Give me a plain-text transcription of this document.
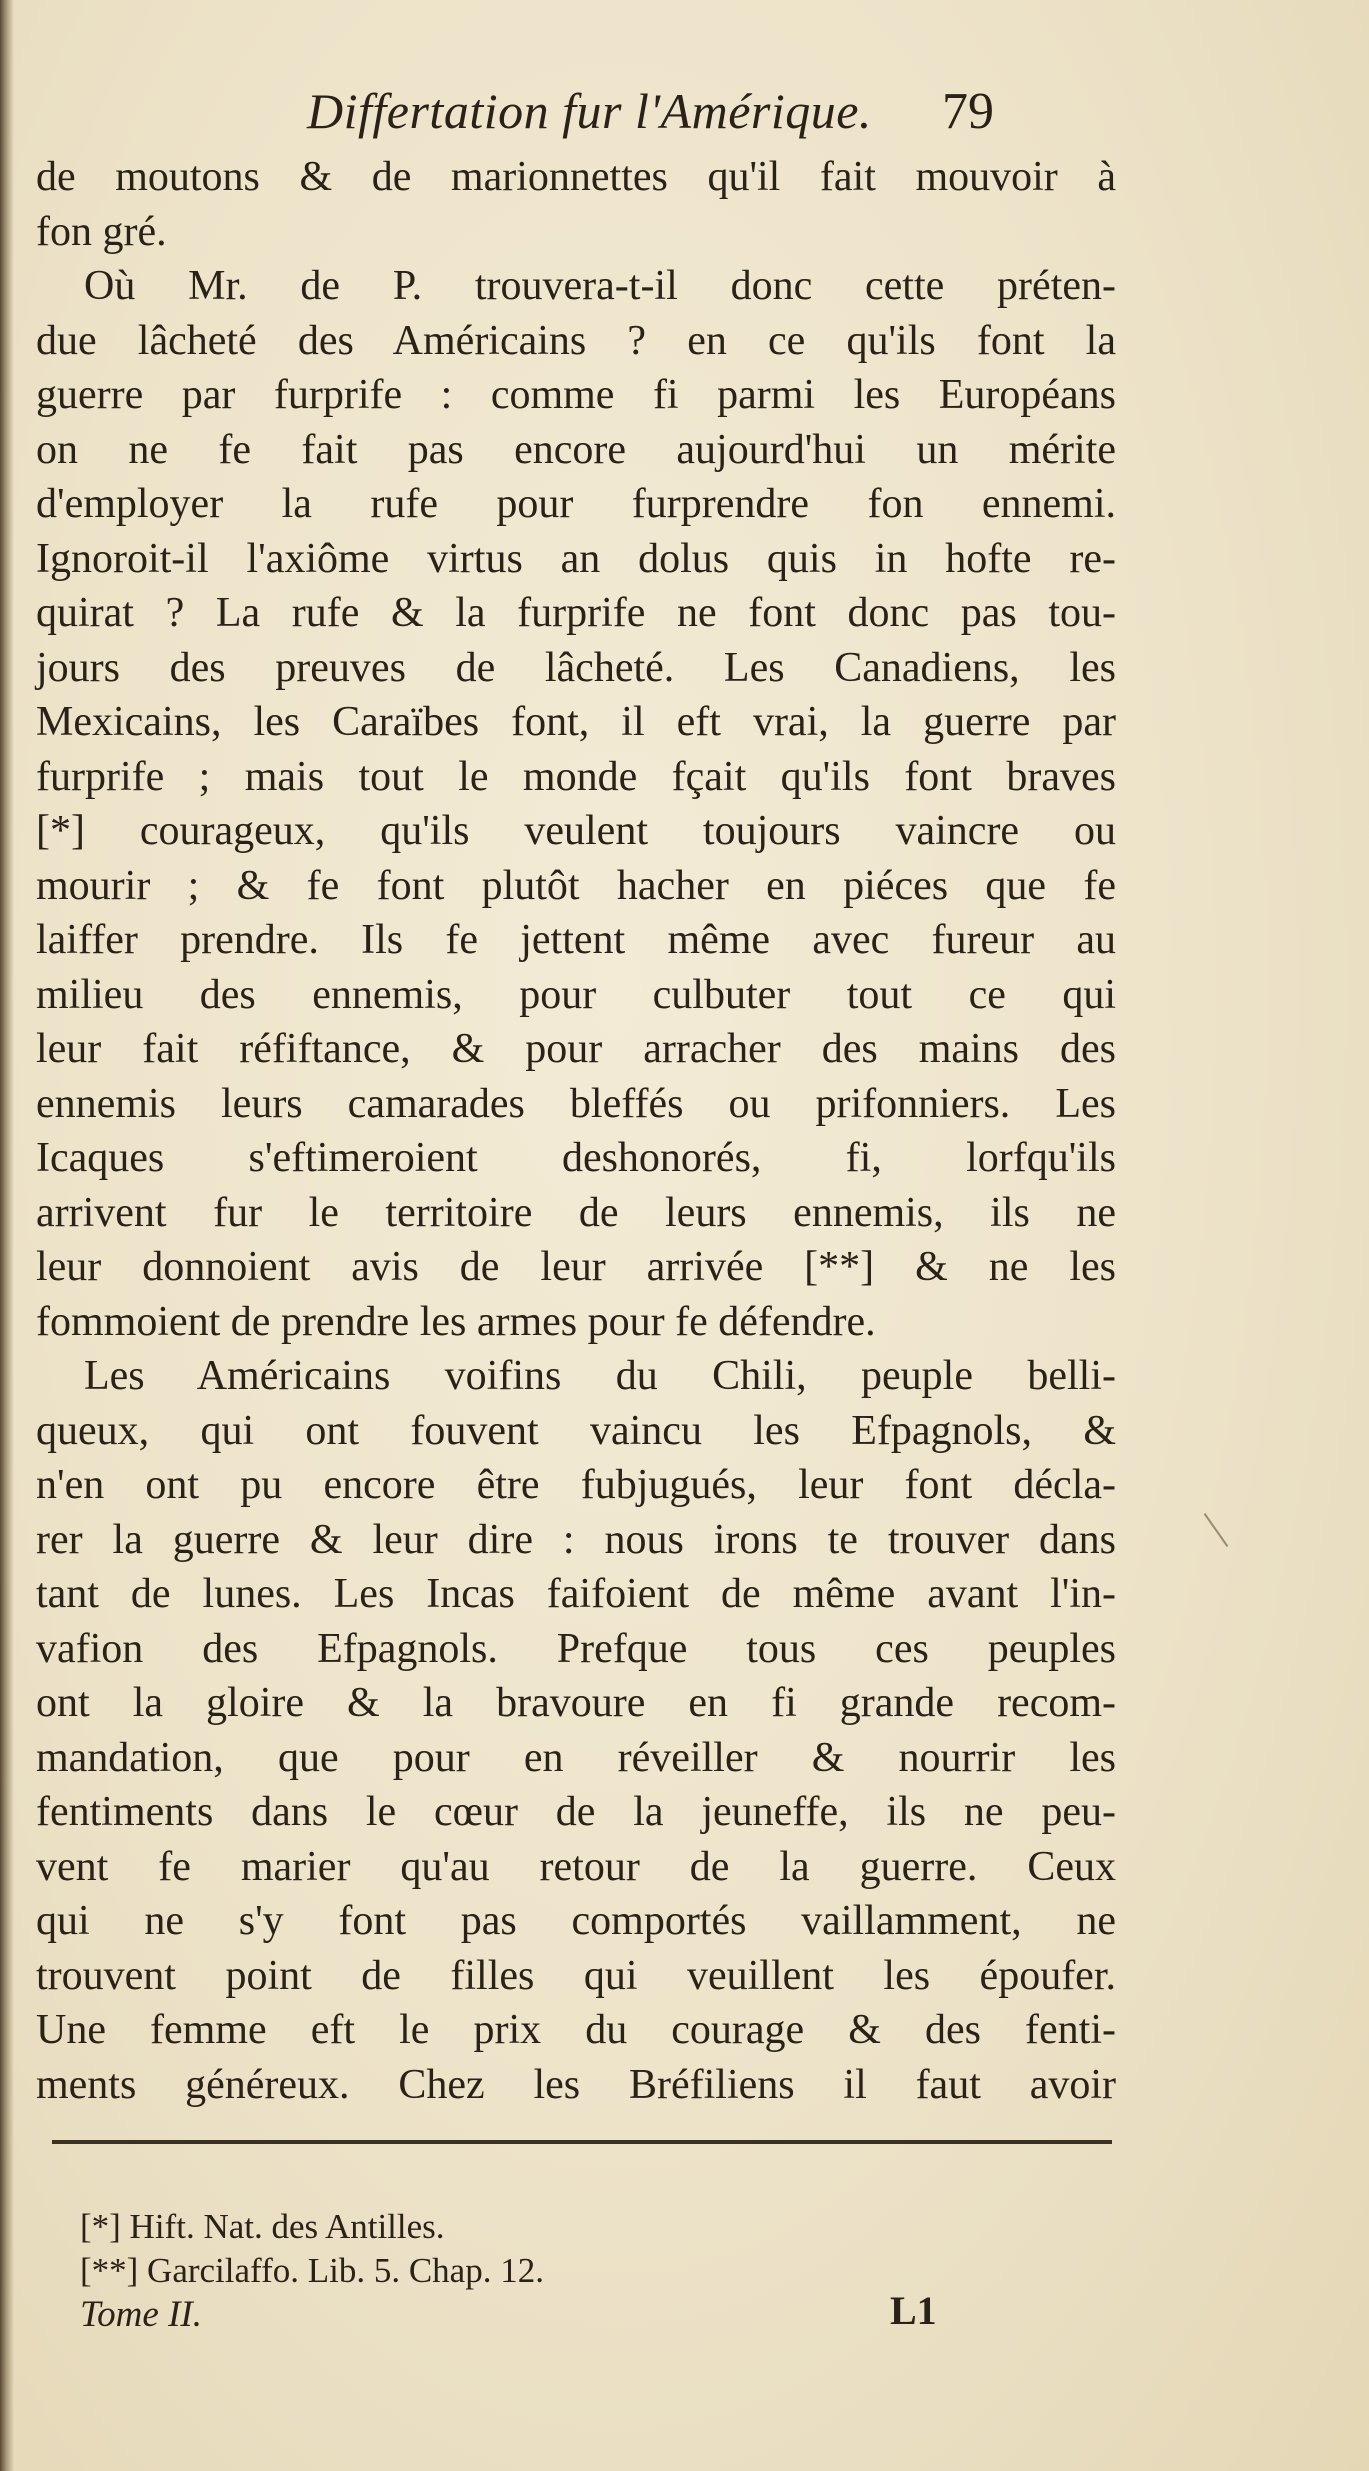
Differtation fur l'Amérique. 79
de moutons & de marionnettes qu'il fait mouvoir à
fon gré.
Où Mr. de P. trouvera-t-il donc cette préten-
due lâcheté des Américains ? en ce qu'ils font la
guerre par furprife : comme fi parmi les Européans
on ne fe fait pas encore aujourd'hui un mérite
d'employer la rufe pour furprendre fon ennemi.
Ignoroit-il l'axiôme virtus an dolus quis in hofte re-
quirat ? La rufe & la furprife ne font donc pas tou-
jours des preuves de lâcheté. Les Canadiens, les
Mexicains, les Caraïbes font, il eft vrai, la guerre par
furprife ; mais tout le monde fçait qu'ils font braves
[*] courageux, qu'ils veulent toujours vaincre ou
mourir ; & fe font plutôt hacher en piéces que fe
laiffer prendre. Ils fe jettent même avec fureur au
milieu des ennemis, pour culbuter tout ce qui
leur fait réfiftance, & pour arracher des mains des
ennemis leurs camarades bleffés ou prifonniers. Les
Icaques s'eftimeroient deshonorés, fi, lorfqu'ils
arrivent fur le territoire de leurs ennemis, ils ne
leur donnoient avis de leur arrivée [**] & ne les
fommoient de prendre les armes pour fe défendre.
Les Américains voifins du Chili, peuple belli-
queux, qui ont fouvent vaincu les Efpagnols, &
n'en ont pu encore être fubjugués, leur font décla-
rer la guerre & leur dire : nous irons te trouver dans
tant de lunes. Les Incas faifoient de même avant l'in-
vafion des Efpagnols. Prefque tous ces peuples
ont la gloire & la bravoure en fi grande recom-
mandation, que pour en réveiller & nourrir les
fentiments dans le cœur de la jeuneffe, ils ne peu-
vent fe marier qu'au retour de la guerre. Ceux
qui ne s'y font pas comportés vaillamment, ne
trouvent point de filles qui veuillent les époufer.
Une femme eft le prix du courage & des fenti-
ments généreux. Chez les Bréfiliens il faut avoir
[*] Hift. Nat. des Antilles.
[**] Garcilaffo. Lib. 5. Chap. 12.
Tome II.	L1
